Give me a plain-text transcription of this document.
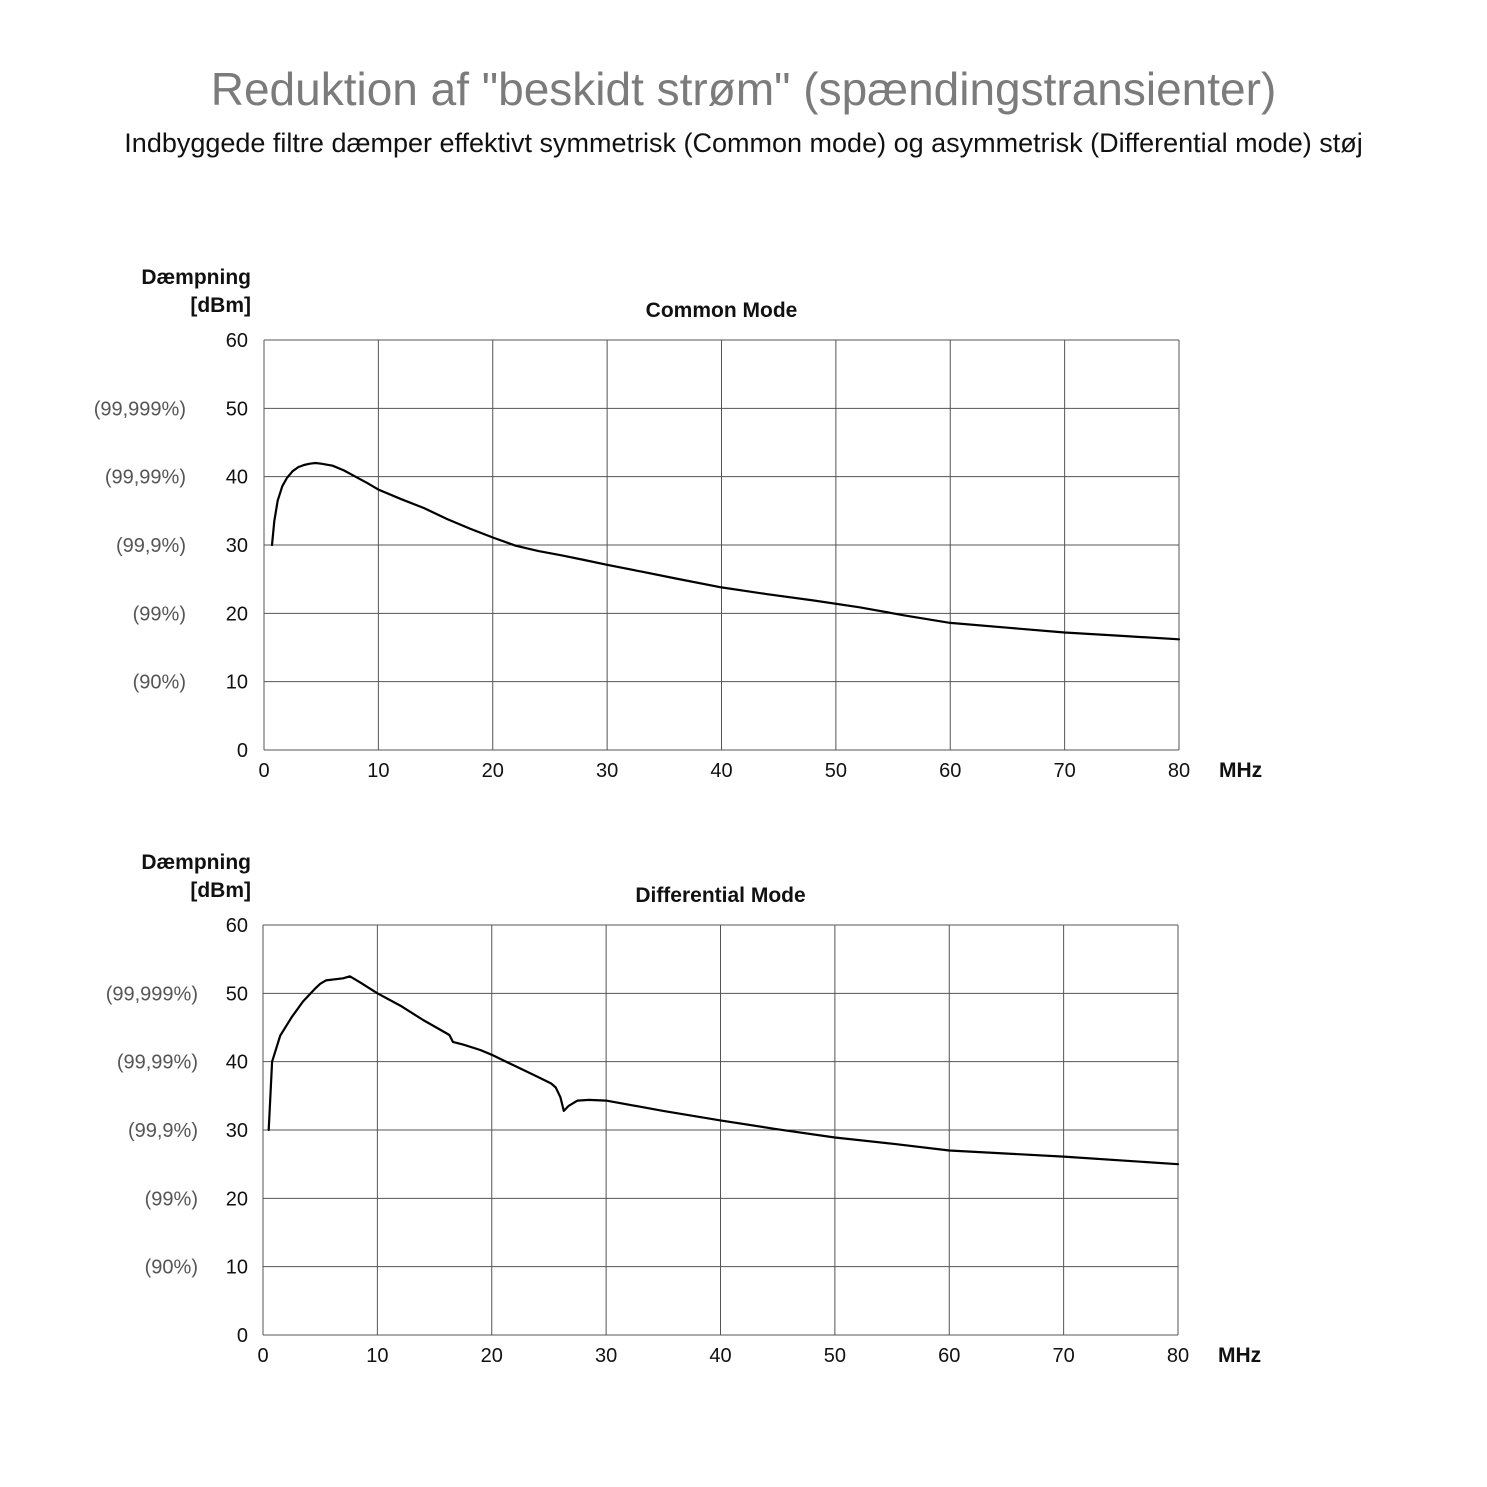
Reduktion af "beskidt strøm" (spændingstransienter)
Indbyggede filtre dæmper effektivt symmetrisk (Common mode) og asymmetrisk (Differential mode) støj
Dæmpning
[dBm]	Common Mode
0
10
(90%)
20
(99%)
30
(99,9%)
40
(99,99%)
50
(99,999%)
60
0	10	20	30	40	50	60	70	80 MHz
Dæmpning
[dBm]	Differential Mode
0
10
(90%)
20
(99%)
30
(99,9%)
40
(99,99%)
50
(99,999%)
60
0	10	20	30	40	50	60	70	80 MHz
